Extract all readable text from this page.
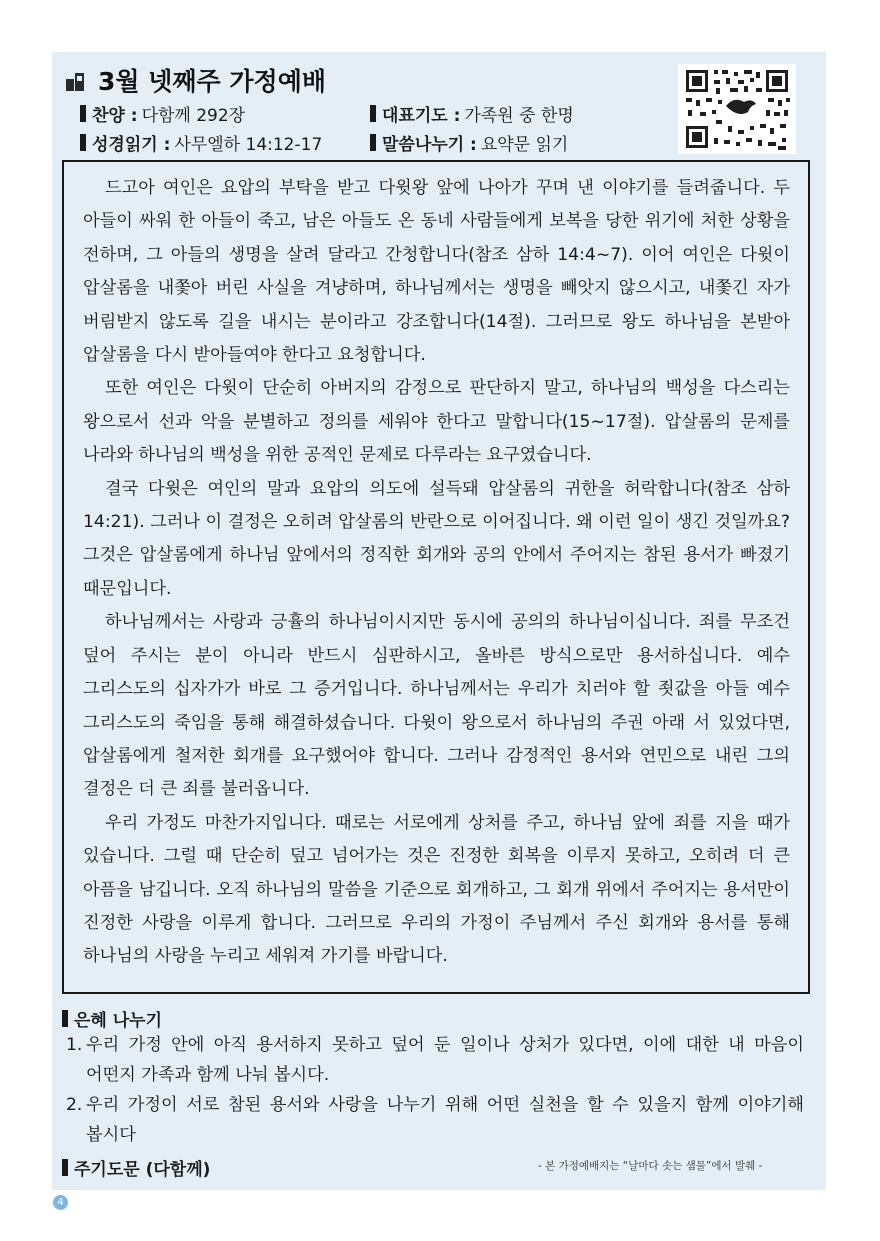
3월 넷째주 가정예배
찬양 : 다함께 292장	대표기도 : 가족원 중 한명
성경읽기 : 사무엘하 14:12-17	말씀나누기 : 요약문 읽기

드고아 여인은 요압의 부탁을 받고 다윗왕 앞에 나아가 꾸며 낸 이야기를 들려줍니다. 두 아들이 싸워 한 아들이 죽고, 남은 아들도 온 동네 사람들에게 보복을 당한 위기에 처한 상황을 전하며, 그 아들의 생명을 살려 달라고 간청합니다(참조 삼하 14:4~7). 이어 여인은 다윗이 압살롬을 내쫓아 버린 사실을 겨냥하며, 하나님께서는 생명을 빼앗지 않으시고, 내쫓긴 자가 버림받지 않도록 길을 내시는 분이라고 강조합니다(14절). 그러므로 왕도 하나님을 본받아 압살롬을 다시 받아들여야 한다고 요청합니다.

또한 여인은 다윗이 단순히 아버지의 감정으로 판단하지 말고, 하나님의 백성을 다스리는 왕으로서 선과 악을 분별하고 정의를 세워야 한다고 말합니다(15~17절). 압살롬의 문제를 나라와 하나님의 백성을 위한 공적인 문제로 다루라는 요구였습니다.

결국 다윗은 여인의 말과 요압의 의도에 설득돼 압살롬의 귀한을 허락합니다(참조 삼하 14:21). 그러나 이 결정은 오히려 압살롬의 반란으로 이어집니다. 왜 이런 일이 생긴 것일까요? 그것은 압살롬에게 하나님 앞에서의 정직한 회개와 공의 안에서 주어지는 참된 용서가 빠졌기 때문입니다.

하나님께서는 사랑과 긍휼의 하나님이시지만 동시에 공의의 하나님이십니다. 죄를 무조건 덮어 주시는 분이 아니라 반드시 심판하시고, 올바른 방식으로만 용서하십니다. 예수 그리스도의 십자가가 바로 그 증거입니다. 하나님께서는 우리가 치러야 할 죗값을 아들 예수 그리스도의 죽임을 통해 해결하셨습니다. 다윗이 왕으로서 하나님의 주권 아래 서 있었다면, 압살롬에게 철저한 회개를 요구했어야 합니다. 그러나 감정적인 용서와 연민으로 내린 그의 결정은 더 큰 죄를 불러옵니다.

우리 가정도 마찬가지입니다. 때로는 서로에게 상처를 주고, 하나님 앞에 죄를 지을 때가 있습니다. 그럴 때 단순히 덮고 넘어가는 것은 진정한 회복을 이루지 못하고, 오히려 더 큰 아픔을 남깁니다. 오직 하나님의 말씀을 기준으로 회개하고, 그 회개 위에서 주어지는 용서만이 진정한 사랑을 이루게 합니다. 그러므로 우리의 가정이 주님께서 주신 회개와 용서를 통해 하나님의 사랑을 누리고 세워져 가기를 바랍니다.

은혜 나누기
1. 우리 가정 안에 아직 용서하지 못하고 덮어 둔 일이나 상처가 있다면, 이에 대한 내 마음이 어떤지 가족과 함께 나눠 봅시다.
2. 우리 가정이 서로 참된 용서와 사랑을 나누기 위해 어떤 실천을 할 수 있을지 함께 이야기해 봅시다
주기도문 (다함께)	- 본 가정예배지는 “날마다 솟는 샘물”에서 발췌 -
4
